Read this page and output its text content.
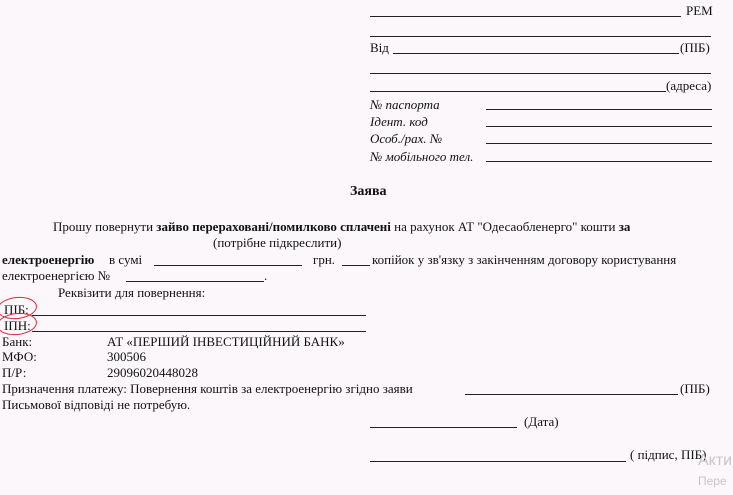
РЕМ
Від	(ПІБ)
(адреса)
№ паспорта
Ідент. код
Особ./рах. №
№ мобільного тел.
Заява
Прошу повернути зайво перераховані/помилково сплачені на рахунок АТ "Одесаобленерго" кошти за
(потрібне підкреслити)
електроенергію в сумі	грн.	копійок у зв'язку з закінченням договору користування
електроенергією №	.
Реквізити для повернення:
ПІБ:
ІПН:
Банк:	АТ «ПЕРШИЙ ІНВЕСТИЦІЙНИЙ БАНК»
МФО:	300506
П/Р:	29096020448028
Призначення платежу: Повернення коштів за електроенергію згідно заяви	(ПІБ)
Письмової відповіді не потребую.
(Дата)
( підпис, ПІБ)
Акти
Пере
